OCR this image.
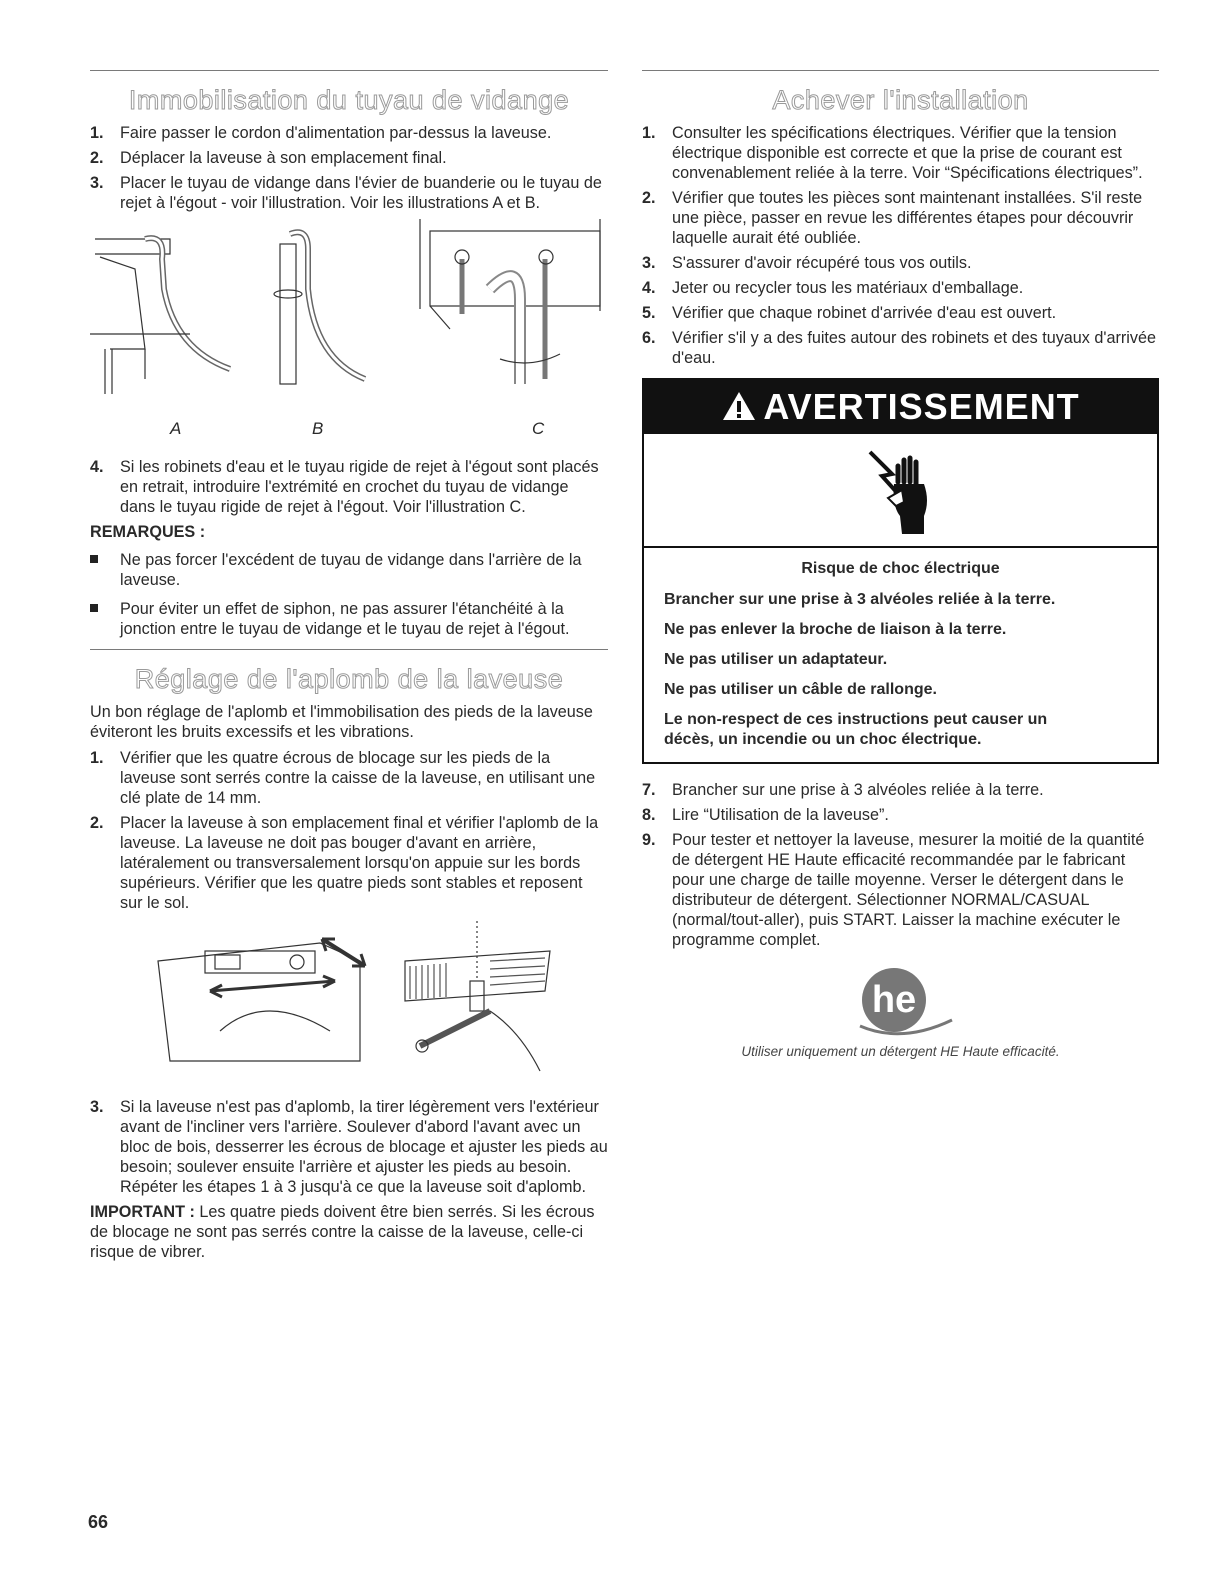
Immobilisation du tuyau de vidange
1. Faire passer le cordon d'alimentation par-dessus la laveuse.
2. Déplacer la laveuse à son emplacement final.
3. Placer le tuyau de vidange dans l'évier de buanderie ou le tuyau de rejet à l'égout - voir l'illustration. Voir les illustrations A et B.
A	B	C
4. Si les robinets d'eau et le tuyau rigide de rejet à l'égout sont placés en retrait, introduire l'extrémité en crochet du tuyau de vidange dans le tuyau rigide de rejet à l'égout. Voir l'illustration C.
REMARQUES :
Ne pas forcer l'excédent de tuyau de vidange dans l'arrière de la laveuse.
Pour éviter un effet de siphon, ne pas assurer l'étanchéité à la jonction entre le tuyau de vidange et le tuyau de rejet à l'égout.
Réglage de l'aplomb de la laveuse

Un bon réglage de l'aplomb et l'immobilisation des pieds de la laveuse éviteront les bruits excessifs et les vibrations.

1. Vérifier que les quatre écrous de blocage sur les pieds de la laveuse sont serrés contre la caisse de la laveuse, en utilisant une clé plate de 14 mm.
2. Placer la laveuse à son emplacement final et vérifier l'aplomb de la laveuse. La laveuse ne doit pas bouger d'avant en arrière, latéralement ou transversalement lorsqu'on appuie sur les bords supérieurs. Vérifier que les quatre pieds sont stables et reposent sur le sol.
3. Si la laveuse n'est pas d'aplomb, la tirer légèrement vers l'extérieur avant de l'incliner vers l'arrière. Soulever d'abord l'avant avec un bloc de bois, desserrer les écrous de blocage et ajuster les pieds au besoin; soulever ensuite l'arrière et ajuster les pieds au besoin. Répéter les étapes 1 à 3 jusqu'à ce que la laveuse soit d'aplomb.

IMPORTANT : Les quatre pieds doivent être bien serrés. Si les écrous de blocage ne sont pas serrés contre la caisse de la laveuse, celle-ci risque de vibrer.

Achever l'installation
1. Consulter les spécifications électriques. Vérifier que la tension électrique disponible est correcte et que la prise de courant est convenablement reliée à la terre. Voir “Spécifications électriques”.
2. Vérifier que toutes les pièces sont maintenant installées. S'il reste une pièce, passer en revue les différentes étapes pour découvrir laquelle aurait été oubliée.
3. S'assurer d'avoir récupéré tous vos outils.
4. Jeter ou recycler tous les matériaux d'emballage.
5. Vérifier que chaque robinet d'arrivée d'eau est ouvert.
6. Vérifier s'il y a des fuites autour des robinets et des tuyaux d'arrivée d'eau.
AVERTISSEMENT
Risque de choc électrique
Brancher sur une prise à 3 alvéoles reliée à la terre.
Ne pas enlever la broche de liaison à la terre.
Ne pas utiliser un adaptateur.
Ne pas utiliser un câble de rallonge.
Le non-respect de ces instructions peut causer un décès, un incendie ou un choc électrique.
7. Brancher sur une prise à 3 alvéoles reliée à la terre.
8. Lire “Utilisation de la laveuse”.
9. Pour tester et nettoyer la laveuse, mesurer la moitié de la quantité de détergent HE Haute efficacité recommandée par le fabricant pour une charge de taille moyenne. Verser le détergent dans le distributeur de détergent. Sélectionner NORMAL/CASUAL (normal/tout-aller), puis START. Laisser la machine exécuter le programme complet.
he
Utiliser uniquement un détergent HE Haute efficacité.
66
